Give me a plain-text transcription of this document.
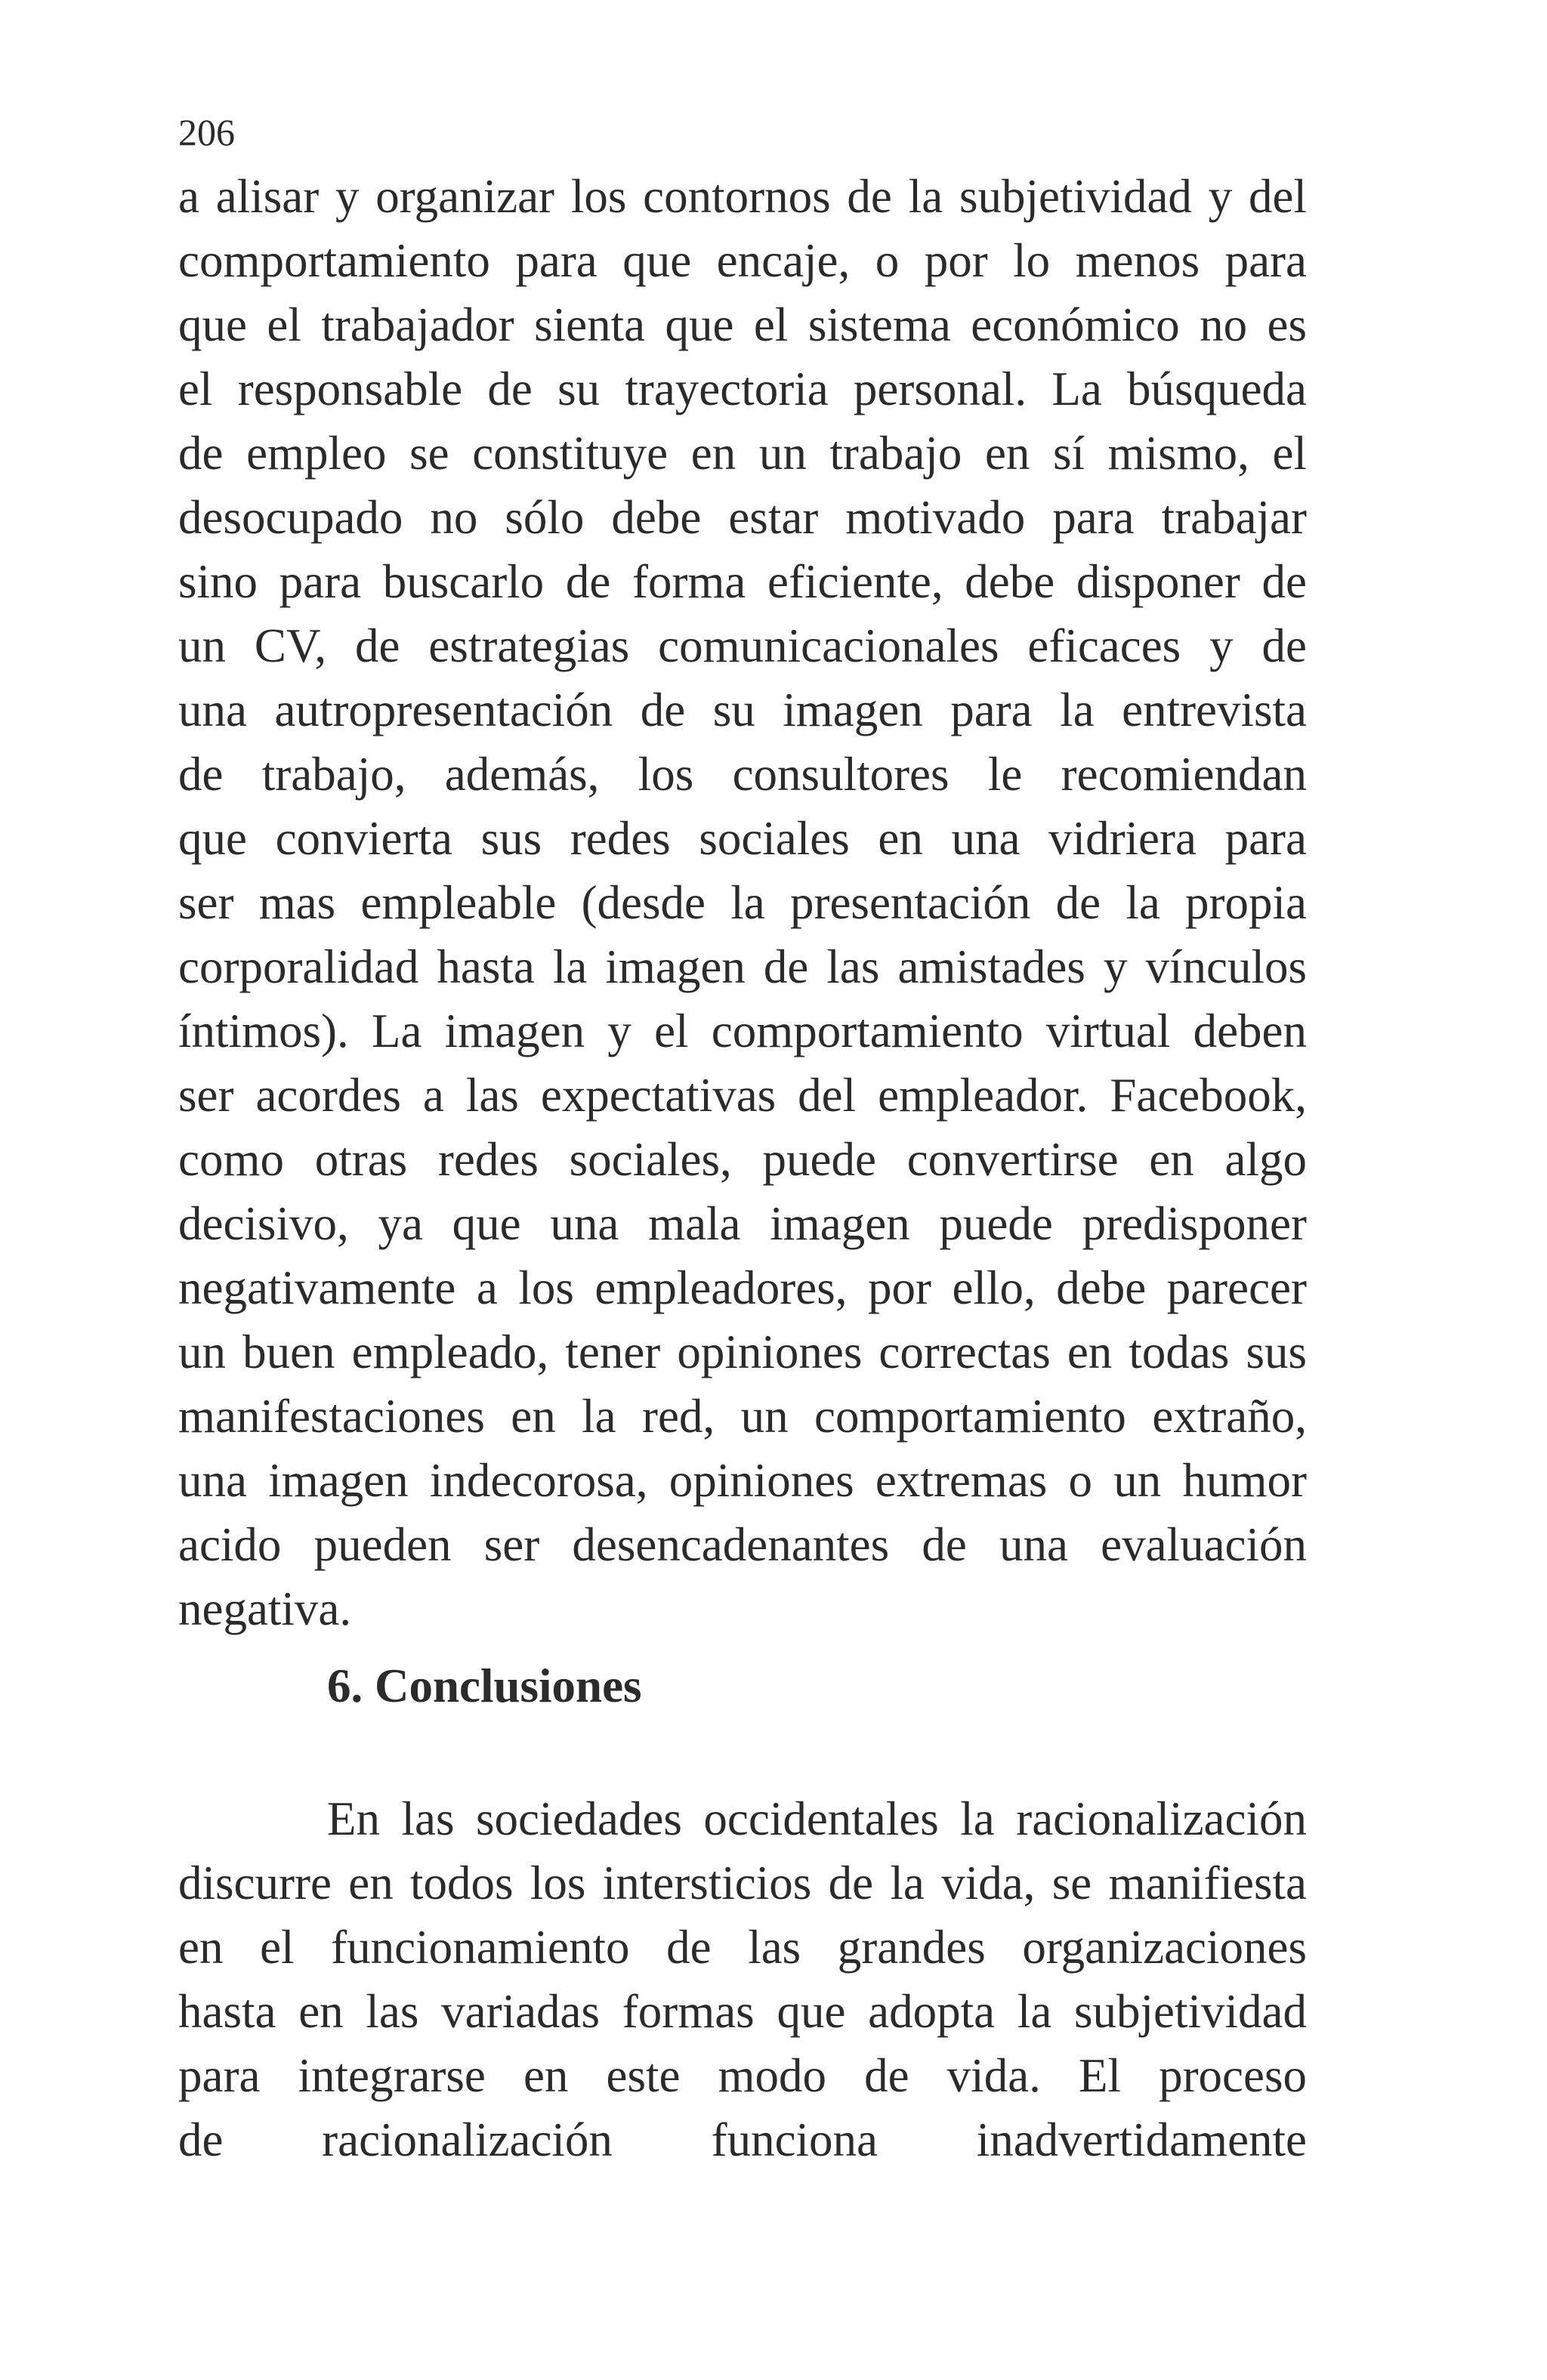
206
a alisar y organizar los contornos de la subjetividad y del
comportamiento para que encaje, o por lo menos para
que el trabajador sienta que el sistema económico no es
el responsable de su trayectoria personal. La búsqueda
de empleo se constituye en un trabajo en sí mismo, el
desocupado no sólo debe estar motivado para trabajar
sino para buscarlo de forma eficiente, debe disponer de
un CV, de estrategias comunicacionales eficaces y de
una autropresentación de su imagen para la entrevista
de trabajo, además, los consultores le recomiendan
que convierta sus redes sociales en una vidriera para
ser mas empleable (desde la presentación de la propia
corporalidad hasta la imagen de las amistades y vínculos
íntimos). La imagen y el comportamiento virtual deben
ser acordes a las expectativas del empleador. Facebook,
como otras redes sociales, puede convertirse en algo
decisivo, ya que una mala imagen puede predisponer
negativamente a los empleadores, por ello, debe parecer
un buen empleado, tener opiniones correctas en todas sus
manifestaciones en la red, un comportamiento extraño,
una imagen indecorosa, opiniones extremas o un humor
acido pueden ser desencadenantes de una evaluación
negativa.
6. Conclusiones
En las sociedades occidentales la racionalización
discurre en todos los intersticios de la vida, se manifiesta
en el funcionamiento de las grandes organizaciones
hasta en las variadas formas que adopta la subjetividad
para integrarse en este modo de vida. El proceso
de racionalización funciona inadvertidamente
